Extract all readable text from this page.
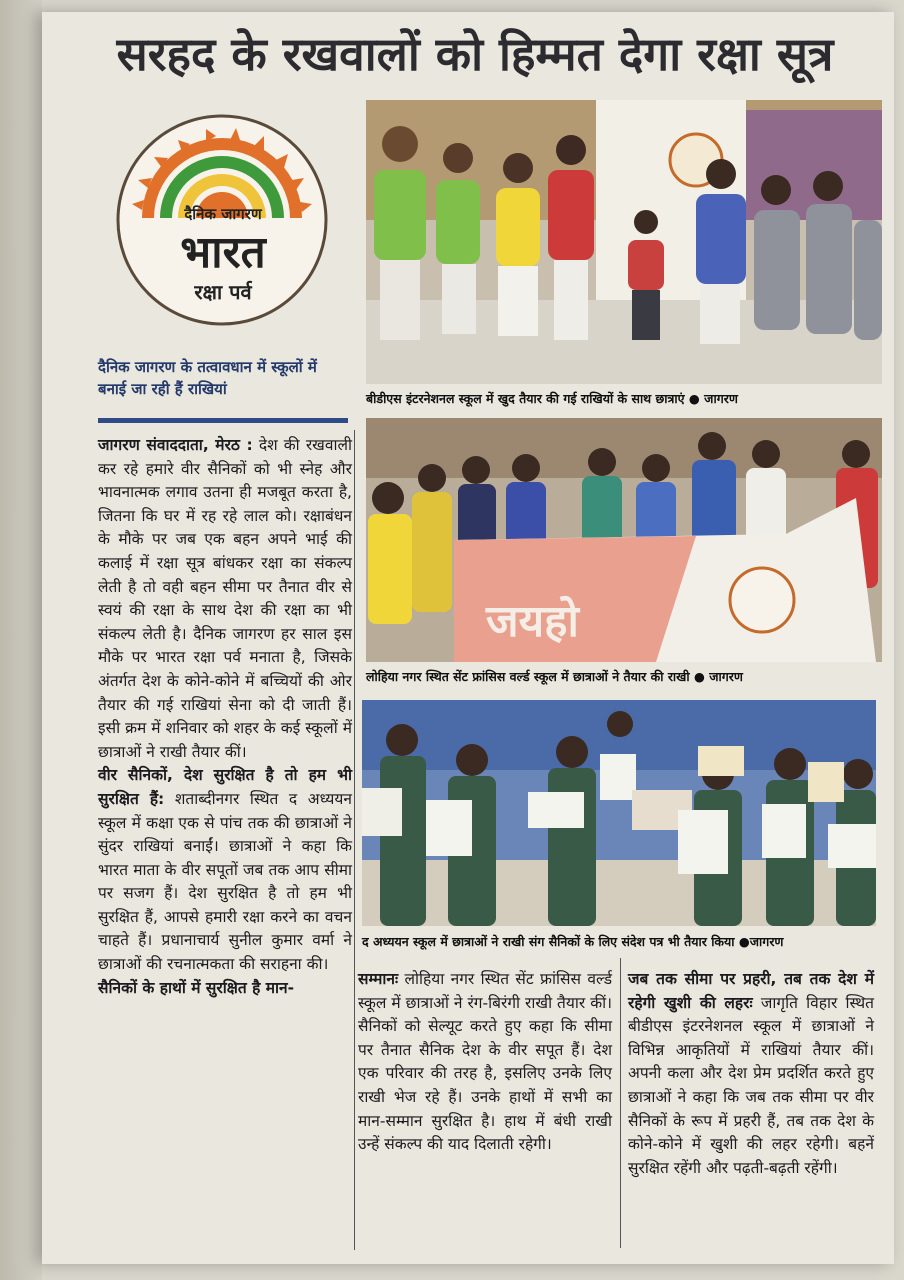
सरहद के रखवालों को हिम्मत देगा रक्षा सूत्र
दैनिक जागरण
भारत
रक्षा पर्व
दैनिक जागरण के तत्वावधान में स्कूलों में बनाई जा रही हैं राखियां
बीडीएस इंटरनेशनल स्कूल में खुद तैयार की गई राखियों के साथ छात्राएं ● जागरण
जयहो
लोहिया नगर स्थित सेंट फ्रांसिस वर्ल्ड स्कूल में छात्राओं ने तैयार की राखी ● जागरण
द अध्ययन स्कूल में छात्राओं ने राखी संग सैनिकों के लिए संदेश पत्र भी तैयार किया ●जागरण

जागरण संवाददाता, मेरठ : देश की रखवाली कर रहे हमारे वीर सैनिकों को भी स्नेह और भावनात्मक लगाव उतना ही मजबूत करता है, जितना कि घर में रह रहे लाल को। रक्षाबंधन के मौके पर जब एक बहन अपने भाई की कलाई में रक्षा सूत्र बांधकर रक्षा का संकल्प लेती है तो वही बहन सीमा पर तैनात वीर से स्वयं की रक्षा के साथ देश की रक्षा का भी संकल्प लेती है। दैनिक जागरण हर साल इस मौके पर भारत रक्षा पर्व मनाता है, जिसके अंतर्गत देश के कोने-कोने में बच्चियों की ओर तैयार की गई राखियां सेना को दी जाती हैं। इसी क्रम में शनिवार को शहर के कई स्कूलों में छात्राओं ने राखी तैयार कीं।

वीर सैनिकों, देश सुरक्षित है तो हम भी सुरक्षित हैं: शताब्दीनगर स्थित द अध्ययन स्कूल में कक्षा एक से पांच तक की छात्राओं ने सुंदर राखियां बनाईं। छात्राओं ने कहा कि भारत माता के वीर सपूतों जब तक आप सीमा पर सजग हैं। देश सुरक्षित है तो हम भी सुरक्षित हैं, आपसे हमारी रक्षा करने का वचन चाहते हैं। प्रधानाचार्य सुनील कुमार वर्मा ने छात्राओं की रचनात्मकता की सराहना की।

सैनिकों के हाथों में सुरक्षित है मान-	सम्मानः लोहिया नगर स्थित सेंट फ्रांसिस वर्ल्ड स्कूल में छात्राओं ने रंग-बिरंगी राखी तैयार कीं। सैनिकों को सेल्यूट करते हुए कहा कि सीमा पर तैनात सैनिक देश के वीर सपूत हैं। देश एक परिवार की तरह है, इसलिए उनके लिए राखी भेज रहे हैं। उनके हाथों में सभी का मान-सम्मान सुरक्षित है। हाथ में बंधी राखी उन्हें संकल्प की याद दिलाती रहेगी।

जब तक सीमा पर प्रहरी, तब तक देश में रहेगी खुशी की लहरः जागृति विहार स्थित बीडीएस इंटरनेशनल स्कूल में छात्राओं ने विभिन्न आकृतियों में राखियां तैयार कीं। अपनी कला और देश प्रेम प्रदर्शित करते हुए छात्राओं ने कहा कि जब तक सीमा पर वीर सैनिकों के रूप में प्रहरी हैं, तब तक देश के कोने-कोने में खुशी की लहर रहेगी। बहनें सुरक्षित रहेंगी और पढ़ती-बढ़ती रहेंगी।
